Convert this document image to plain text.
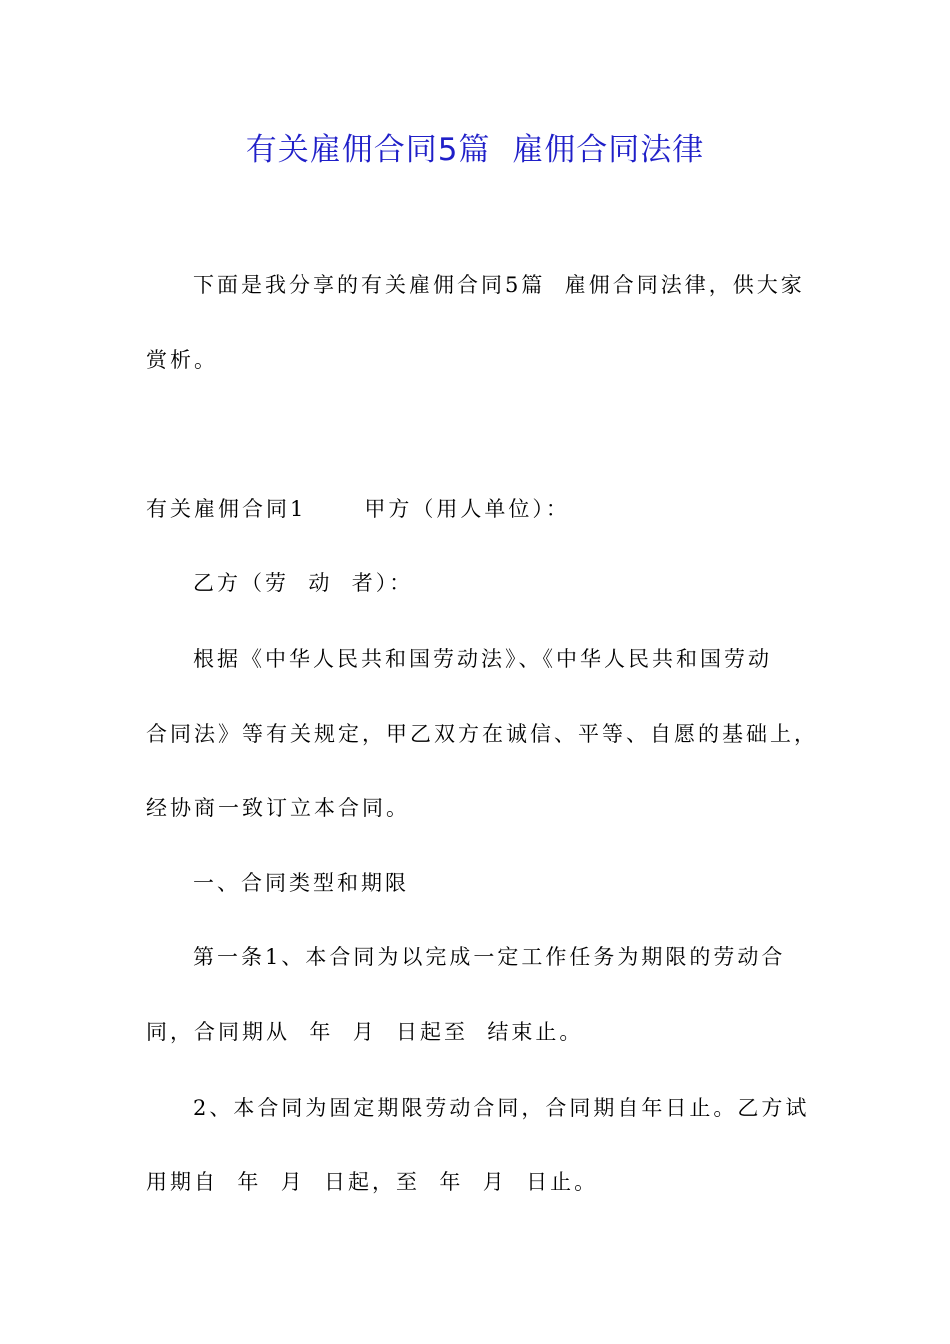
有关雇佣合同5篇  雇佣合同法律
下面是我分享的有关雇佣合同5篇  雇佣合同法律，供大家
赏析。
有关雇佣合同1      甲方（用人单位）：
乙方（劳  动  者）：
根据《中华人民共和国劳动法》、《中华人民共和国劳动
合同法》等有关规定，甲乙双方在诚信、平等、自愿的基础上，
经协商一致订立本合同。
一、合同类型和期限
第一条1、本合同为以完成一定工作任务为期限的劳动合
同，合同期从  年  月  日起至  结束止。
2、本合同为固定期限劳动合同，合同期自年日止。乙方试
用期自  年  月  日起，至  年  月  日止。
